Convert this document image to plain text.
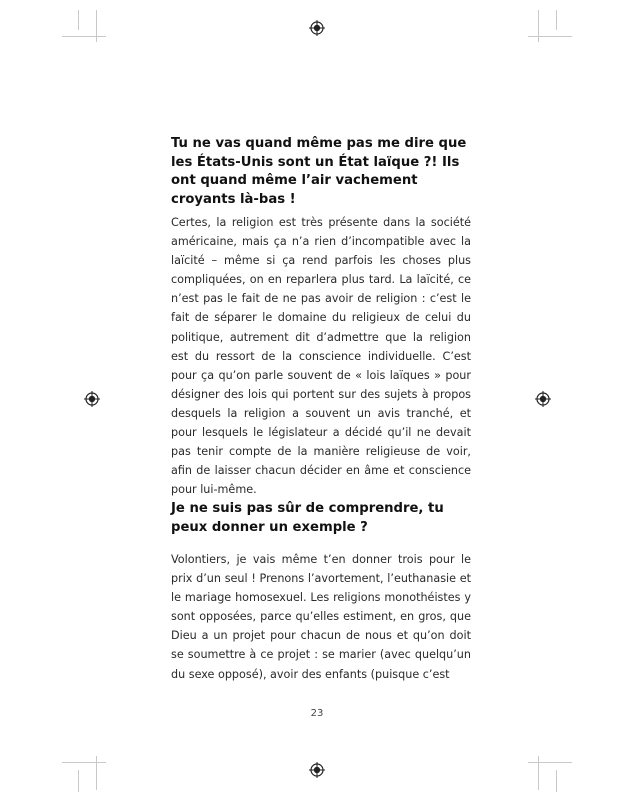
Tu ne vas quand même pas me dire que les États-Unis sont un État laïque ?! Ils ont quand même l’air vachement croyants là-bas !
Certes, la religion est très présente dans la société américaine, mais ça n’a rien d’incompatible avec la laïcité – même si ça rend parfois les choses plus compliquées, on en reparlera plus tard. La laïcité, ce n’est pas le fait de ne pas avoir de religion : c’est le fait de séparer le domaine du religieux de celui du politique, autrement dit d’admettre que la religion est du ressort de la conscience individuelle. C’est pour ça qu’on parle souvent de « lois laïques » pour désigner des lois qui portent sur des sujets à propos desquels la religion a souvent un avis tranché, et pour lesquels le législateur a décidé qu’il ne devait pas tenir compte de la manière religieuse de voir, afin de laisser chacun décider en âme et conscience pour lui-même.
Je ne suis pas sûr de comprendre, tu peux donner un exemple ?
Volontiers, je vais même t’en donner trois pour le prix d’un seul ! Prenons l’avortement, l’euthanasie et le mariage homosexuel. Les religions monothéistes y sont opposées, parce qu’elles estiment, en gros, que Dieu a un projet pour chacun de nous et qu’on doit se soumettre à ce projet : se marier (avec quelqu’un du sexe opposé), avoir des enfants (puisque c’est
23
